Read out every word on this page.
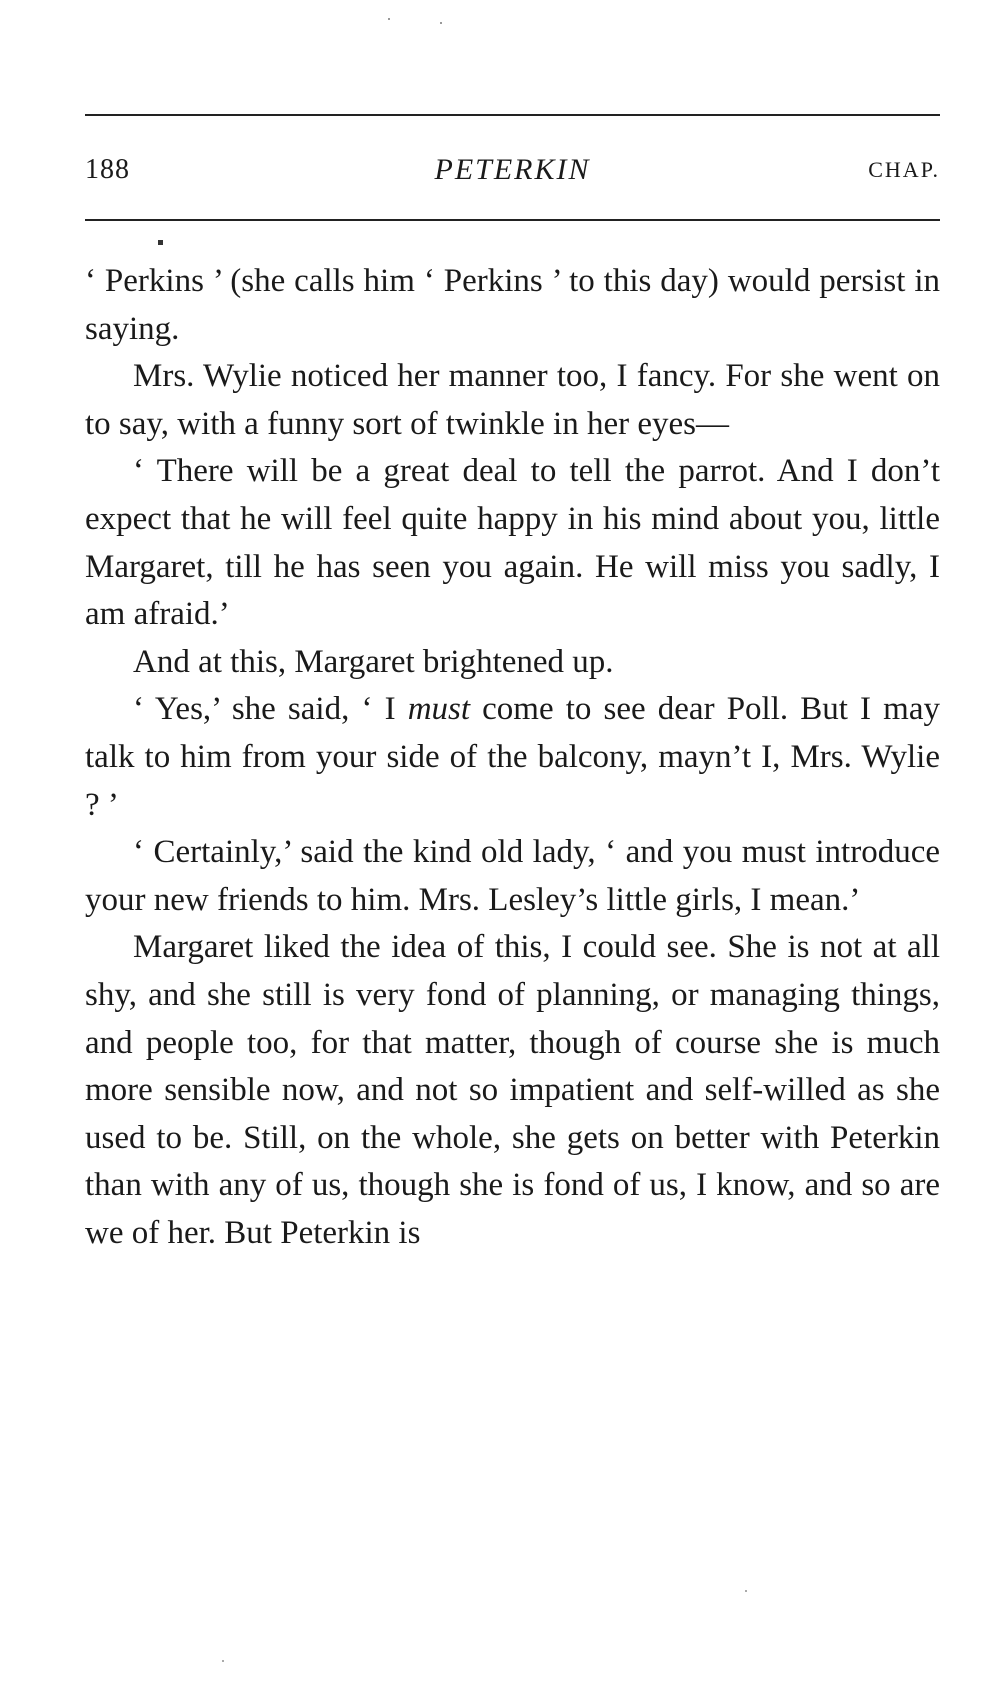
188	PETERKIN	CHAP.

‘ Perkins ’ (she calls him ‘ Perkins ’ to this day) would persist in saying.

Mrs. Wylie noticed her manner too, I fancy. For she went on to say, with a funny sort of twinkle in her eyes—

‘ There will be a great deal to tell the parrot. And I don’t expect that he will feel quite happy in his mind about you, little Margaret, till he has seen you again. He will miss you sadly, I am afraid.’

And at this, Margaret brightened up.

‘ Yes,’ she said, ‘ I must come to see dear Poll. But I may talk to him from your side of the balcony, mayn’t I, Mrs. Wylie ? ’

‘ Certainly,’ said the kind old lady, ‘ and you must introduce your new friends to him. Mrs. Lesley’s little girls, I mean.’

Margaret liked the idea of this, I could see. She is not at all shy, and she still is very fond of planning, or managing things, and people too, for that matter, though of course she is much more sensible now, and not so impatient and self-willed as she used to be. Still, on the whole, she gets on better with Peterkin than with any of us, though she is fond of us, I know, and so are we of her. But Peterkin is
